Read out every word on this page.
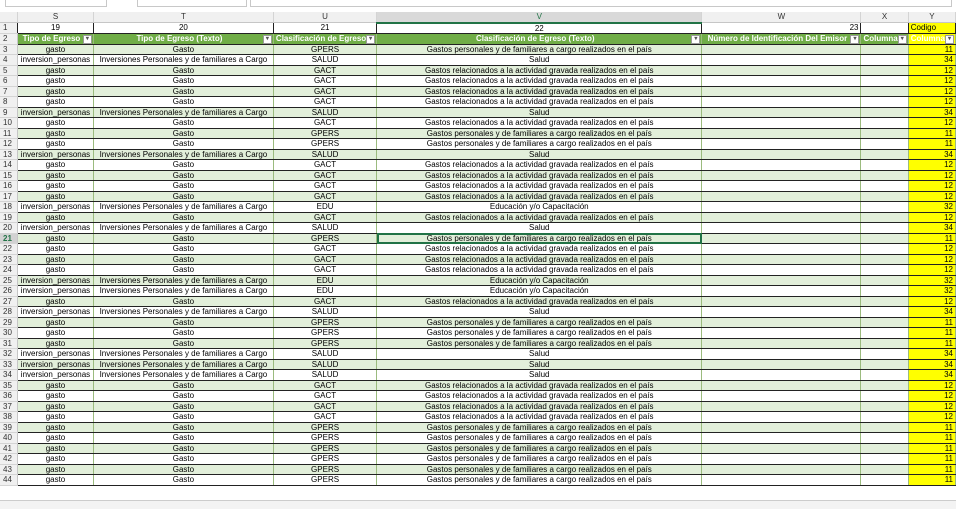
	S	T	U	V	W	X	Y
1	19	20	21	22	23		Codigo
2	Tipo de Egreso ▾	Tipo de Egreso (Texto) ▾	Clasificación de Egreso ▾	Clasificación de Egreso (Texto) ▾	Número de Identificación Del Emisor ▾	Columna ▾	Columna ▾

3	gasto	Gasto	GPERS	Gastos personales y de familiares a cargo realizados en el país			11
4	inversion_personas	Inversiones Personales y de familiares a Cargo	SALUD	Salud			34
5	gasto	Gasto	GACT	Gastos relacionados a la actividad gravada realizados en el país			12
6	gasto	Gasto	GACT	Gastos relacionados a la actividad gravada realizados en el país			12
7	gasto	Gasto	GACT	Gastos relacionados a la actividad gravada realizados en el país			12
8	gasto	Gasto	GACT	Gastos relacionados a la actividad gravada realizados en el país			12
9	inversion_personas	Inversiones Personales y de familiares a Cargo	SALUD	Salud			34
10	gasto	Gasto	GACT	Gastos relacionados a la actividad gravada realizados en el país			12
11	gasto	Gasto	GPERS	Gastos personales y de familiares a cargo realizados en el país			11
12	gasto	Gasto	GPERS	Gastos personales y de familiares a cargo realizados en el país			11
13	inversion_personas	Inversiones Personales y de familiares a Cargo	SALUD	Salud			34
14	gasto	Gasto	GACT	Gastos relacionados a la actividad gravada realizados en el país			12
15	gasto	Gasto	GACT	Gastos relacionados a la actividad gravada realizados en el país			12
16	gasto	Gasto	GACT	Gastos relacionados a la actividad gravada realizados en el país			12
17	gasto	Gasto	GACT	Gastos relacionados a la actividad gravada realizados en el país			12
18	inversion_personas	Inversiones Personales y de familiares a Cargo	EDU	Educación y/o Capacitación			32
19	gasto	Gasto	GACT	Gastos relacionados a la actividad gravada realizados en el país			12
20	inversion_personas	Inversiones Personales y de familiares a Cargo	SALUD	Salud			34
21	gasto	Gasto	GPERS	Gastos personales y de familiares a cargo realizados en el país			11
22	gasto	Gasto	GACT	Gastos relacionados a la actividad gravada realizados en el país			12
23	gasto	Gasto	GACT	Gastos relacionados a la actividad gravada realizados en el país			12
24	gasto	Gasto	GACT	Gastos relacionados a la actividad gravada realizados en el país			12
25	inversion_personas	Inversiones Personales y de familiares a Cargo	EDU	Educación y/o Capacitación			32
26	inversion_personas	Inversiones Personales y de familiares a Cargo	EDU	Educación y/o Capacitación			32
27	gasto	Gasto	GACT	Gastos relacionados a la actividad gravada realizados en el país			12
28	inversion_personas	Inversiones Personales y de familiares a Cargo	SALUD	Salud			34
29	gasto	Gasto	GPERS	Gastos personales y de familiares a cargo realizados en el país			11
30	gasto	Gasto	GPERS	Gastos personales y de familiares a cargo realizados en el país			11
31	gasto	Gasto	GPERS	Gastos personales y de familiares a cargo realizados en el país			11
32	inversion_personas	Inversiones Personales y de familiares a Cargo	SALUD	Salud			34
33	inversion_personas	Inversiones Personales y de familiares a Cargo	SALUD	Salud			34
34	inversion_personas	Inversiones Personales y de familiares a Cargo	SALUD	Salud			34
35	gasto	Gasto	GACT	Gastos relacionados a la actividad gravada realizados en el país			12
36	gasto	Gasto	GACT	Gastos relacionados a la actividad gravada realizados en el país			12
37	gasto	Gasto	GACT	Gastos relacionados a la actividad gravada realizados en el país			12
38	gasto	Gasto	GACT	Gastos relacionados a la actividad gravada realizados en el país			12
39	gasto	Gasto	GPERS	Gastos personales y de familiares a cargo realizados en el país			11
40	gasto	Gasto	GPERS	Gastos personales y de familiares a cargo realizados en el país			11
41	gasto	Gasto	GPERS	Gastos personales y de familiares a cargo realizados en el país			11
42	gasto	Gasto	GPERS	Gastos personales y de familiares a cargo realizados en el país			11
43	gasto	Gasto	GPERS	Gastos personales y de familiares a cargo realizados en el país			11
44	gasto	Gasto	GPERS	Gastos personales y de familiares a cargo realizados en el país			11
